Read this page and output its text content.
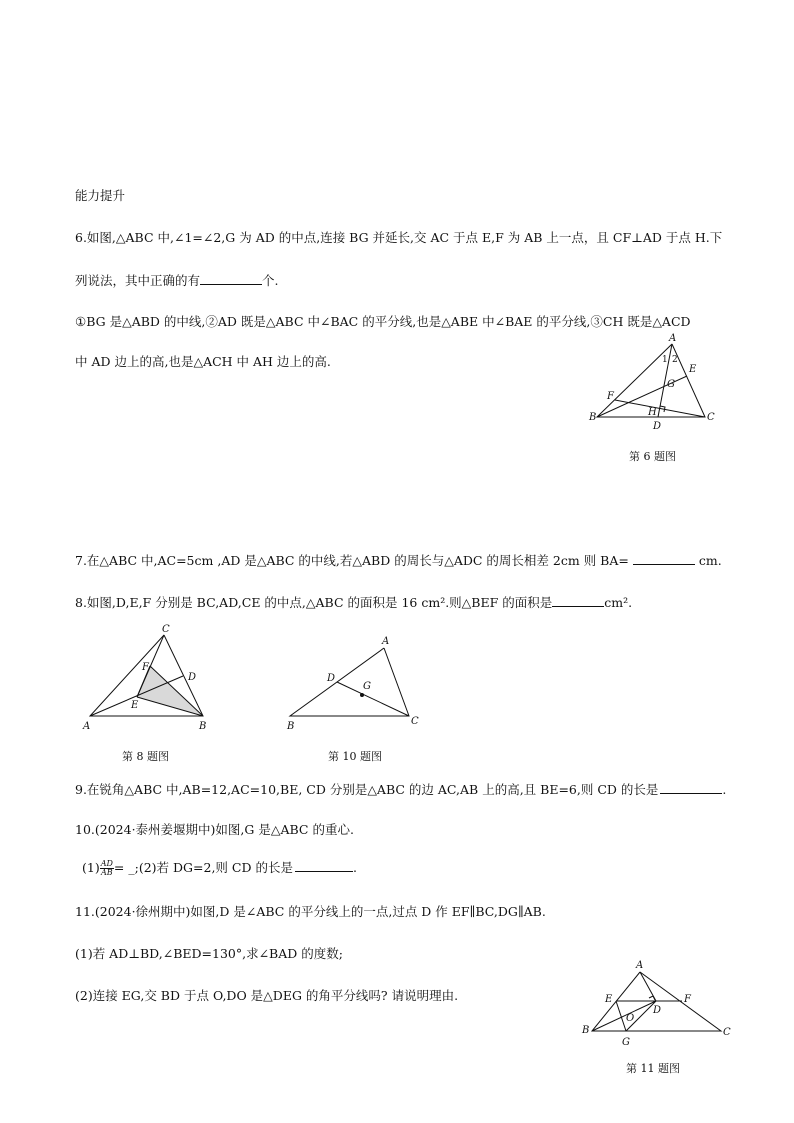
能力提升
6.如图,△ABC 中,∠1=∠2,G 为 AD 的中点,连接 BG 并延长,交 AC 于点 E,F 为 AB 上一点，且 CF⊥AD 于点 H.下
列说法，其中正确的有	个.
①BG 是△ABD 的中线,②AD 既是△ABC 中∠BAC 的平分线,也是△ABE 中∠BAE 的平分线,③CH 既是△ACD
中 AD 边上的高,也是△ACH 中 AH 边上的高.
A
1 2
E
G
F
H
B	C
D
第 6 题图
7.在△ABC 中,AC=5cm ,AD 是△ABC 的中线,若△ABD 的周长与△ADC 的周长相差 2cm 则 BA=	cm.
8.如图,D,E,F 分别是 BC,AD,CE 的中点,△ABC 的面积是 16 cm².则△BEF 的面积是	cm².
C
F
D
E
A	B
第 8 题图
A
D
G
B	C
第 10 题图
9.在锐角△ABC 中,AB=12,AC=10,BE, CD 分别是△ABC 的边 AC,AB 上的高,且 BE=6,则 CD 的长是	.
10.(2024·泰州姜堰期中)如图,G 是△ABC 的重心.
$(1) \frac{AD}{AB}$ = _;(2)若 DG=2,则 CD 的长是	.
11.(2024·徐州期中)如图,D 是∠ABC 的平分线上的一点,过点 D 作 EF∥BC,DG∥AB.
(1)若 AD⊥BD,∠BED=130°,求∠BAD 的度数;
(2)连接 EG,交 BD 于点 O,DO 是△DEG 的角平分线吗? 请说明理由.
A
E	F
D
O
B	C
G
第 11 题图
